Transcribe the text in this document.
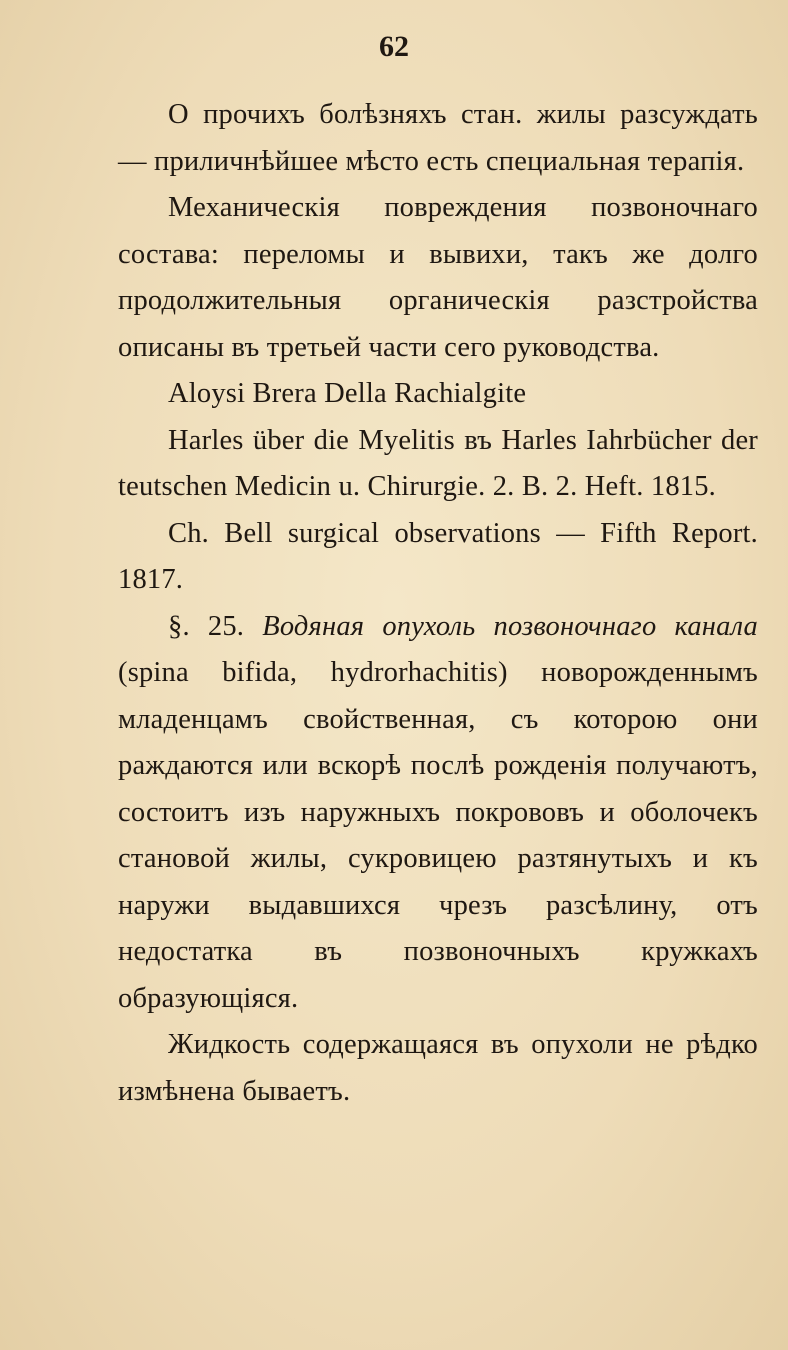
62

О прочихъ болѣзняхъ стан. жилы разсуждать — приличнѣйшее мѣсто есть специальная терапія.

Механическія повреждения позвоночнаго состава: переломы и вывихи, такъ же долго продолжительныя органическія разстройства описаны въ третьей части сего руководства.

Aloysi Brera Della Rachialgite

Harles über die Myelitis въ Harles Iahrbücher der teutschen Medicin u. Chirurgie. 2. B. 2. Heft. 1815.

Ch. Bell surgical observations — Fifth Report. 1817.

§. 25. Водяная опухоль позвоночнаго канала (spina bifida, hydrorhachitis) новорожденнымъ младенцамъ свойственная, съ которою они раждаются или вскорѣ послѣ рожденія получаютъ, состоитъ изъ наружныхъ покрововъ и оболочекъ становой жилы, сукровицею разтянутыхъ и къ наружи выдавшихся чрезъ разсѣлину, отъ недостатка въ позвоночныхъ кружкахъ образующіяся.

Жидкость содержащаяся въ опухоли не рѣдко измѣнена бываетъ.
